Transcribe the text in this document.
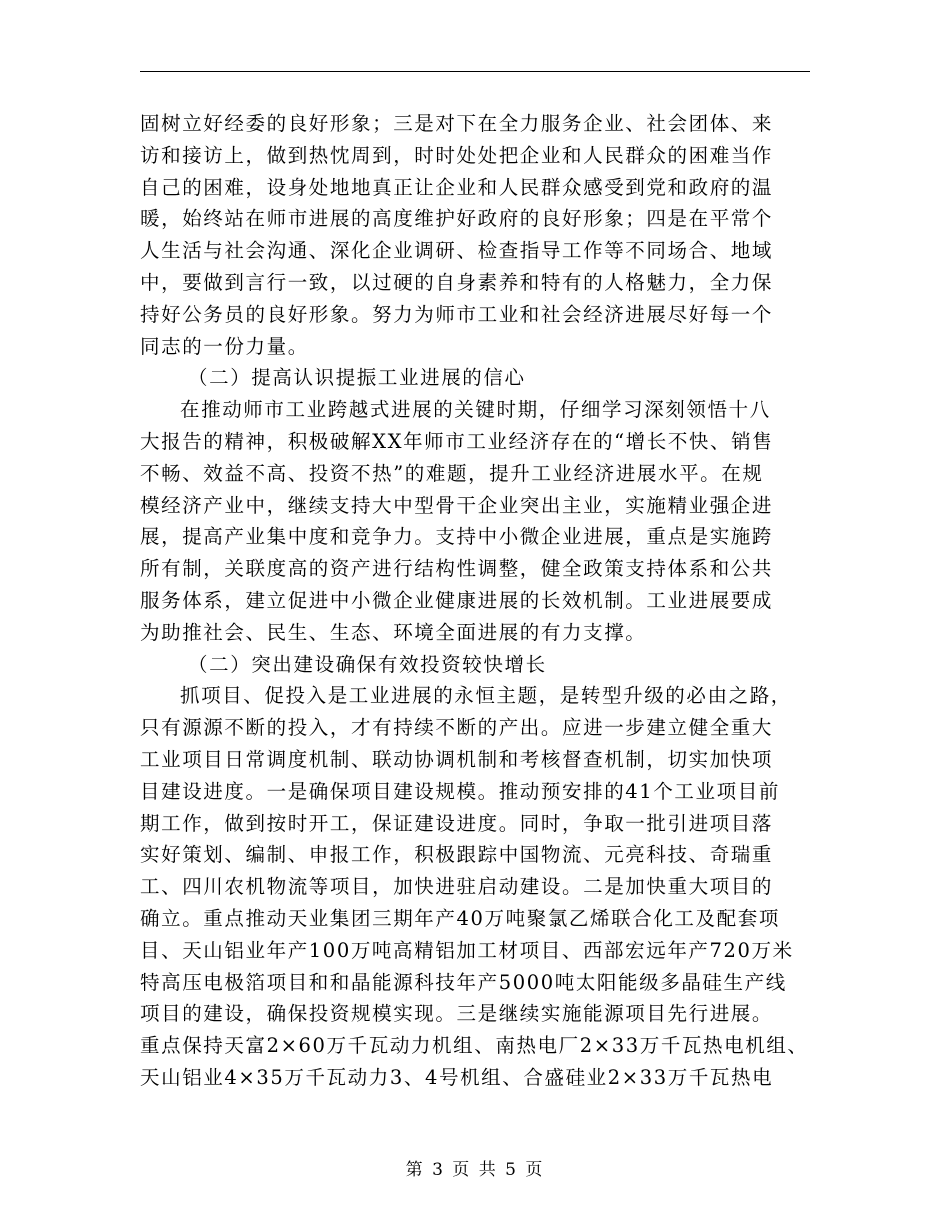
固树立好经委的良好形象；三是对下在全力服务企业、社会团体、来
访和接访上，做到热忱周到，时时处处把企业和人民群众的困难当作
自己的困难，设身处地地真正让企业和人民群众感受到党和政府的温
暖，始终站在师市进展的高度维护好政府的良好形象；四是在平常个
人生活与社会沟通、深化企业调研、检查指导工作等不同场合、地域
中，要做到言行一致，以过硬的自身素养和特有的人格魅力，全力保
持好公务员的良好形象。努力为师市工业和社会经济进展尽好每一个
同志的一份力量。
（二）提高认识提振工业进展的信心
在推动师市工业跨越式进展的关键时期，仔细学习深刻领悟十八
大报告的精神，积极破解XX年师市工业经济存在的“增长不快、销售
不畅、效益不高、投资不热”的难题，提升工业经济进展水平。在规
模经济产业中，继续支持大中型骨干企业突出主业，实施精业强企进
展，提高产业集中度和竞争力。支持中小微企业进展，重点是实施跨
所有制，关联度高的资产进行结构性调整，健全政策支持体系和公共
服务体系，建立促进中小微企业健康进展的长效机制。工业进展要成
为助推社会、民生、生态、环境全面进展的有力支撑。
（二）突出建设确保有效投资较快增长
抓项目、促投入是工业进展的永恒主题，是转型升级的必由之路，
只有源源不断的投入，才有持续不断的产出。应进一步建立健全重大
工业项目日常调度机制、联动协调机制和考核督查机制，切实加快项
目建设进度。一是确保项目建设规模。推动预安排的41个工业项目前
期工作，做到按时开工，保证建设进度。同时，争取一批引进项目落
实好策划、编制、申报工作，积极跟踪中国物流、元亮科技、奇瑞重
工、四川农机物流等项目，加快进驻启动建设。二是加快重大项目的
确立。重点推动天业集团三期年产40万吨聚氯乙烯联合化工及配套项
目、天山铝业年产100万吨高精铝加工材项目、西部宏远年产720万米
特高压电极箔项目和和晶能源科技年产5000吨太阳能级多晶硅生产线
项目的建设，确保投资规模实现。三是继续实施能源项目先行进展。
重点保持天富2×60万千瓦动力机组、南热电厂2×33万千瓦热电机组、
天山铝业4×35万千瓦动力3、4号机组、合盛硅业2×33万千瓦热电
第 3 页 共 5 页
